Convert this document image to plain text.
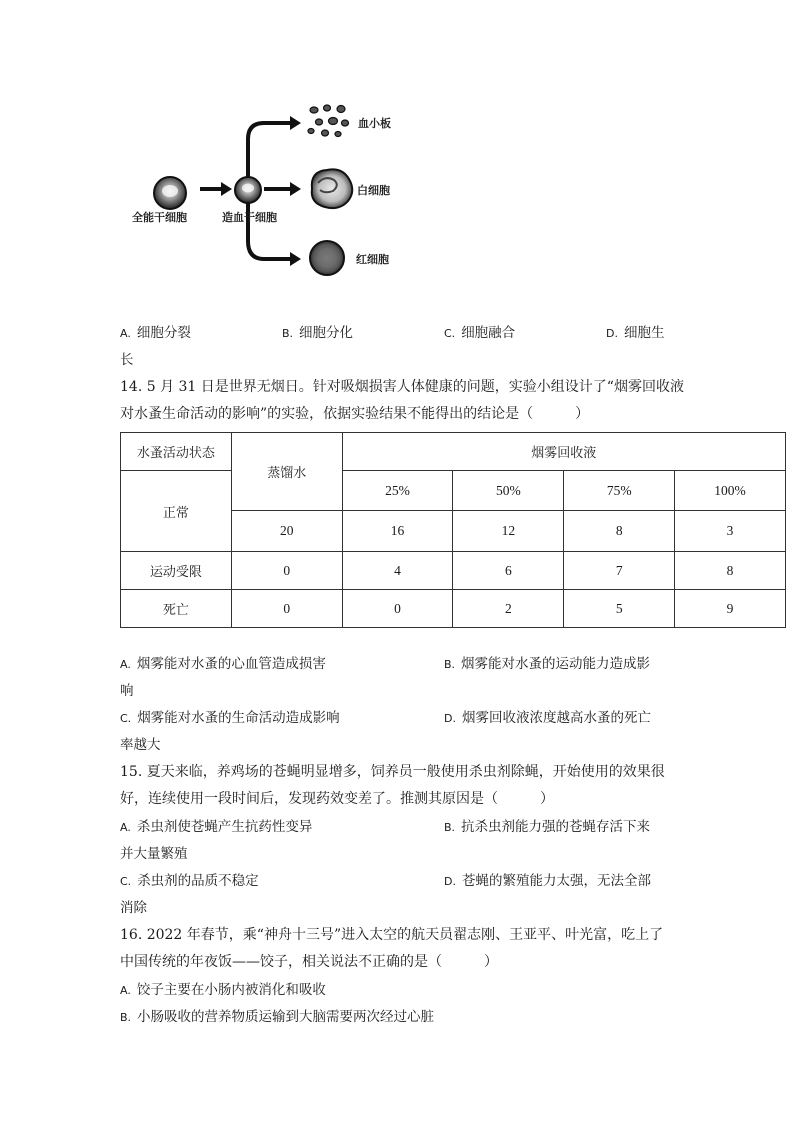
全能干细胞	造血干细胞
血小板
白细胞
红细胞
A. 细胞分裂	B. 细胞分化	C. 细胞融合	D. 细胞生
长
14. 5 月 31 日是世界无烟日。针对吸烟损害人体健康的问题，实验小组设计了“烟雾回收液
对水蚤生命活动的影响”的实验，依据实验结果不能得出的结论是（　　　）
水蚤活动状态	蒸馏水	烟雾回收液			
正常		25%	50%	75%	100%
	20	16	12	8	3
运动受限	0	4	6	7	8
死亡	0	0	2	5	9
A. 烟雾能对水蚤的心血管造成损害	B. 烟雾能对水蚤的运动能力造成影
响
C. 烟雾能对水蚤的生命活动造成影响	D. 烟雾回收液浓度越高水蚤的死亡
率越大
15. 夏天来临，养鸡场的苍蝇明显增多，饲养员一般使用杀虫剂除蝇，开始使用的效果很
好，连续使用一段时间后，发现药效变差了。推测其原因是（　　　）
A. 杀虫剂使苍蝇产生抗药性变异	B. 抗杀虫剂能力强的苍蝇存活下来
并大量繁殖
C. 杀虫剂的品质不稳定	D. 苍蝇的繁殖能力太强，无法全部
消除
16. 2022 年春节，乘“神舟十三号”进入太空的航天员翟志刚、王亚平、叶光富，吃上了
中国传统的年夜饭——饺子，相关说法不正确的是（　　　）
A. 饺子主要在小肠内被消化和吸收
B. 小肠吸收的营养物质运输到大脑需要两次经过心脏
